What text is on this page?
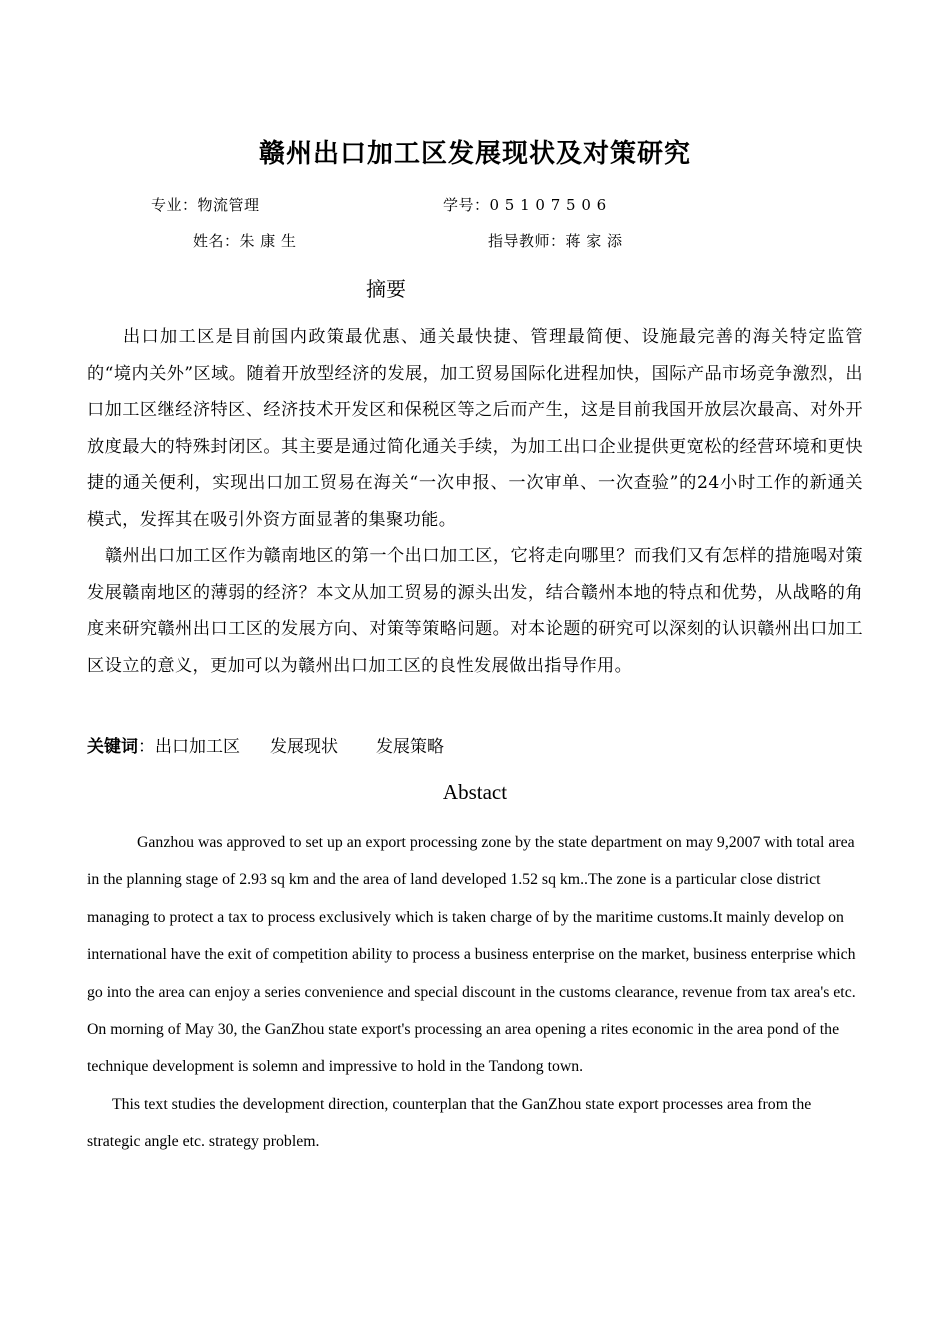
赣州出口加工区发展现状及对策研究
专业：物流管理	学号：0 5 1 0 7 5 0 6
姓名：朱 康 生	指导教师：蒋 家 添
摘要

出口加工区是目前国内政策最优惠、通关最快捷、管理最简便、设施最完善的海关特定监管的“境内关外”区域。随着开放型经济的发展，加工贸易国际化进程加快，国际产品市场竞争激烈，出口加工区继经济特区、经济技术开发区和保税区等之后而产生，这是目前我国开放层次最高、对外开放度最大的特殊封闭区。其主要是通过简化通关手续，为加工出口企业提供更宽松的经营环境和更快捷的通关便利，实现出口加工贸易在海关“一次申报、一次审单、一次查验”的24小时工作的新通关模式，发挥其在吸引外资方面显著的集聚功能。

赣州出口加工区作为赣南地区的第一个出口加工区，它将走向哪里？而我们又有怎样的措施喝对策发展赣南地区的薄弱的经济？本文从加工贸易的源头出发，结合赣州本地的特点和优势，从战略的角度来研究赣州出口工区的发展方向、对策等策略问题。对本论题的研究可以深刻的认识赣州出口加工区设立的意义，更加可以为赣州出口加工区的良性发展做出指导作用。

关键词：出口加工区 发展现状 发展策略
Abstact

Ganzhou was approved to set up an export processing zone by the state department on may 9,2007 with total area in the planning stage of 2.93 sq km and the area of land developed 1.52 sq km..The zone is a particular close district managing to protect a tax to process exclusively which is taken charge of by the maritime customs.It mainly develop on international have the exit of competition ability to process a business enterprise on the market, business enterprise which go into the area can enjoy a series convenience and special discount in the customs clearance, revenue from tax area's etc. On morning of May 30, the GanZhou state export's processing an area opening a rites economic in the area pond of the technique development is solemn and impressive to hold in the Tandong town.

This text studies the development direction, counterplan that the GanZhou state export processes area from the strategic angle etc. strategy problem.
